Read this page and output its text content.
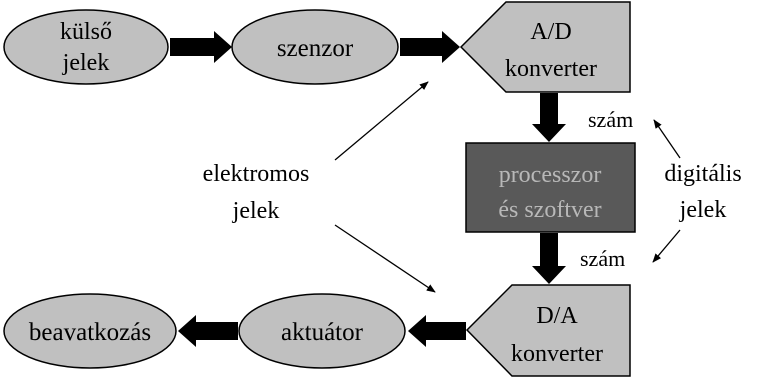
külső
jelek
szenzor
A/D
konverter
szám
processzor
és szoftver
szám
D/A
konverter
aktuátor
beavatkozás
elektromos
jelek
digitális
jelek
